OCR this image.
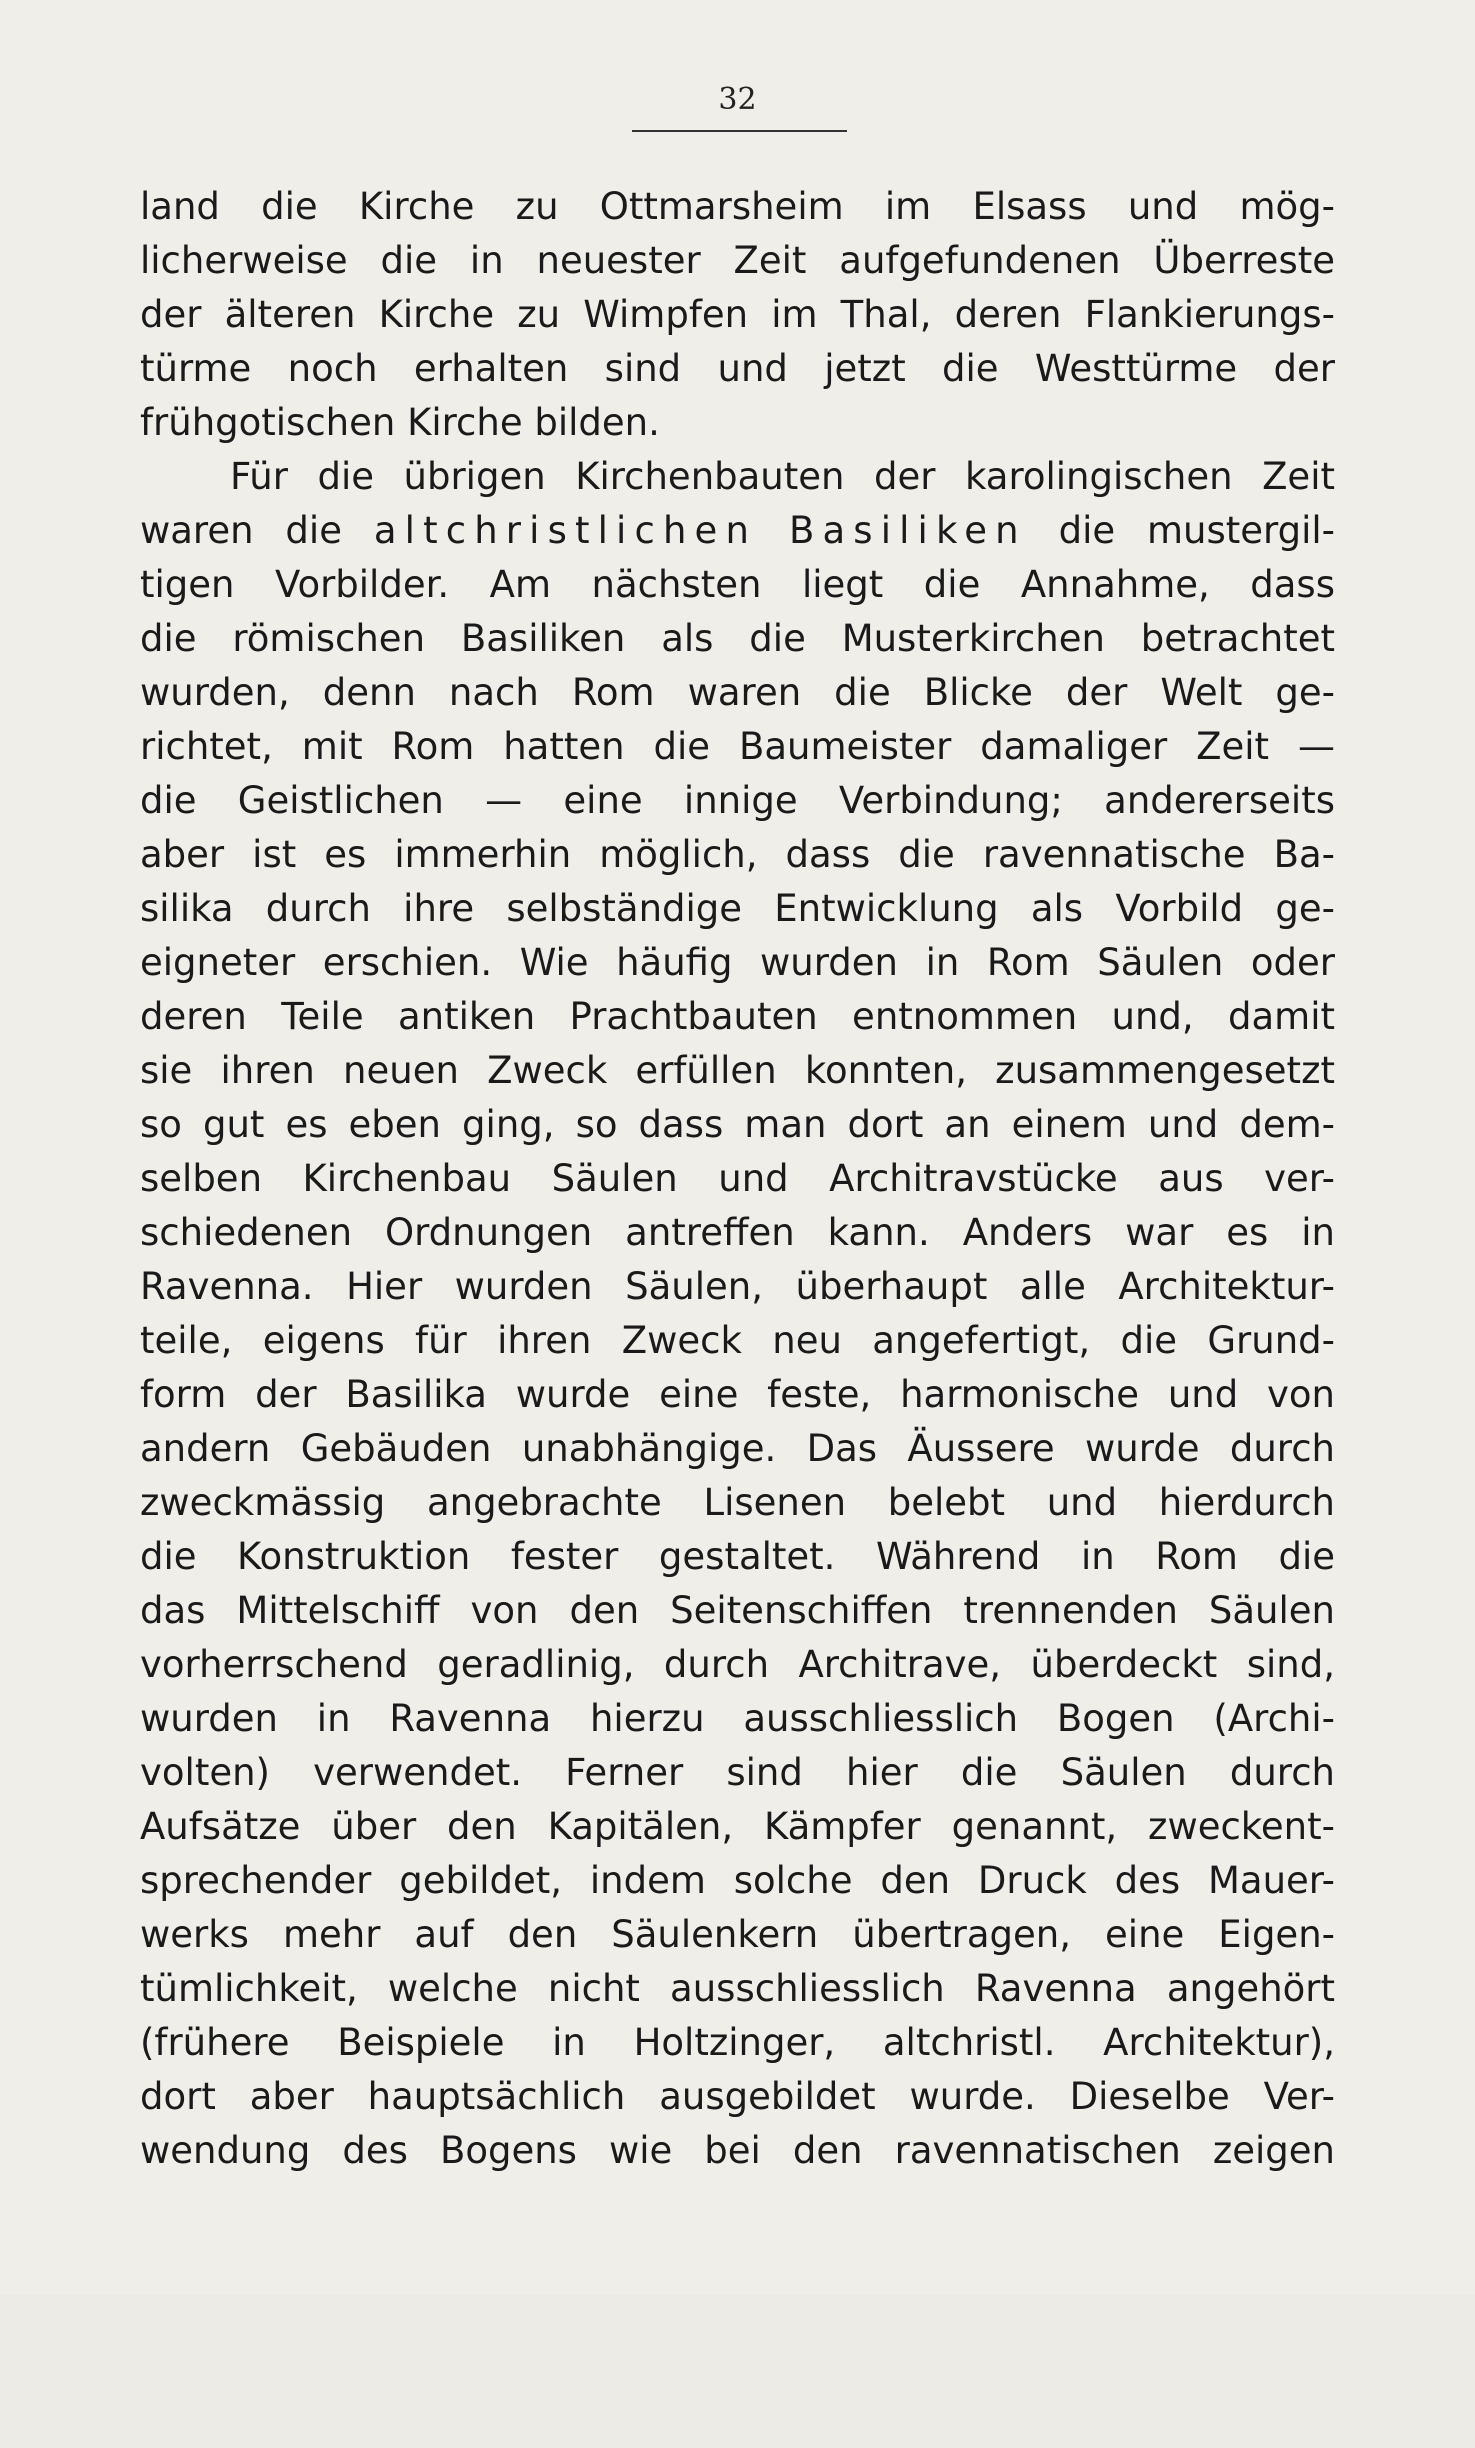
32
land die Kirche zu Ottmarsheim im Elsass und mög-
licherweise die in neuester Zeit aufgefundenen Überreste
der älteren Kirche zu Wimpfen im Thal, deren Flankierungs-
türme noch erhalten sind und jetzt die Westtürme der
frühgotischen Kirche bilden.
Für die übrigen Kirchenbauten der karolingischen Zeit
waren die altchristlichen Basiliken die mustergil-
tigen Vorbilder. Am nächsten liegt die Annahme, dass
die römischen Basiliken als die Musterkirchen betrachtet
wurden, denn nach Rom waren die Blicke der Welt ge-
richtet, mit Rom hatten die Baumeister damaliger Zeit —
die Geistlichen — eine innige Verbindung; andererseits
aber ist es immerhin möglich, dass die ravennatische Ba-
silika durch ihre selbständige Entwicklung als Vorbild ge-
eigneter erschien. Wie häufig wurden in Rom Säulen oder
deren Teile antiken Prachtbauten entnommen und, damit
sie ihren neuen Zweck erfüllen konnten, zusammengesetzt
so gut es eben ging, so dass man dort an einem und dem-
selben Kirchenbau Säulen und Architravstücke aus ver-
schiedenen Ordnungen antreffen kann. Anders war es in
Ravenna. Hier wurden Säulen, überhaupt alle Architektur-
teile, eigens für ihren Zweck neu angefertigt, die Grund-
form der Basilika wurde eine feste, harmonische und von
andern Gebäuden unabhängige. Das Äussere wurde durch
zweckmässig angebrachte Lisenen belebt und hierdurch
die Konstruktion fester gestaltet. Während in Rom die
das Mittelschiff von den Seitenschiffen trennenden Säulen
vorherrschend geradlinig, durch Architrave, überdeckt sind,
wurden in Ravenna hierzu ausschliesslich Bogen (Archi-
volten) verwendet. Ferner sind hier die Säulen durch
Aufsätze über den Kapitälen, Kämpfer genannt, zweckent-
sprechender gebildet, indem solche den Druck des Mauer-
werks mehr auf den Säulenkern übertragen, eine Eigen-
tümlichkeit, welche nicht ausschliesslich Ravenna angehört
(frühere Beispiele in Holtzinger, altchristl. Architektur),
dort aber hauptsächlich ausgebildet wurde. Dieselbe Ver-
wendung des Bogens wie bei den ravennatischen zeigen
